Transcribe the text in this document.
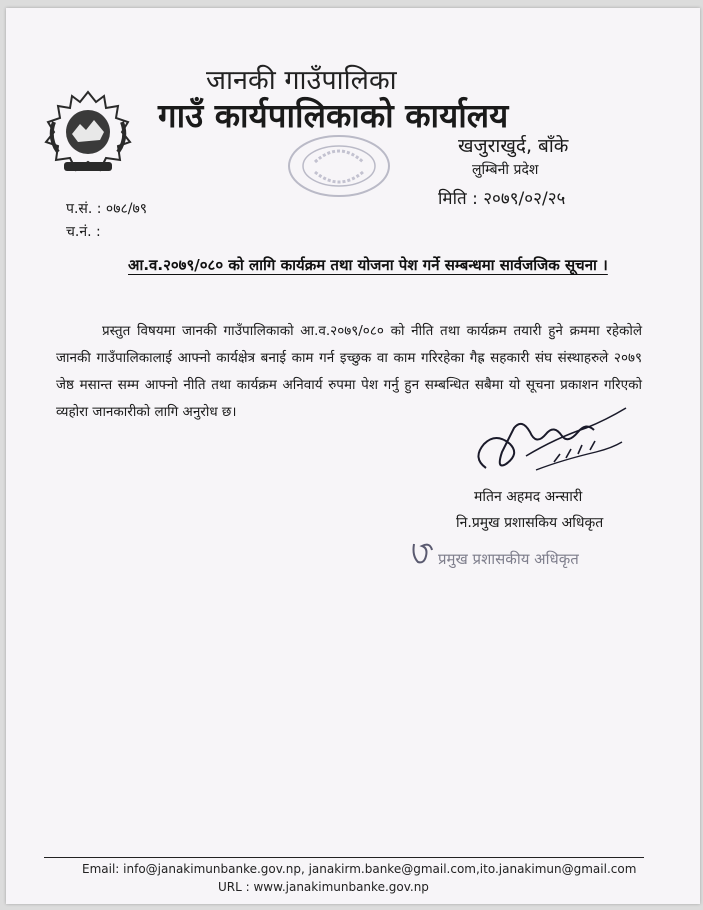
जानकी गाउँपालिका
गाउँ कार्यपालिकाको कार्यालय
खजुराखुर्द, बाँके
लुम्बिनी प्रदेश
मिति : २०७९/०२/२५
प.सं. : ०७८/७९
च.नं. :
आ.व.२०७९/०८० को लागि कार्यक्रम तथा योजना पेश गर्ने सम्बन्धमा सार्वजजिक सूचना ।
प्रस्तुत विषयमा जानकी गाउँपालिकाको आ.व.२०७९/०८० को नीति तथा कार्यक्रम तयारी हुने क्रममा रहेकोले जानकी गाउँपालिकालाई आफ्नो कार्यक्षेत्र बनाई काम गर्न इच्छुक वा काम गरिरहेका गैह्र सहकारी संघ संस्थाहरुले २०७९ जेष्ठ मसान्त सम्म आफ्नो नीति तथा कार्यक्रम अनिवार्य रुपमा पेश गर्नु हुन सम्बन्धित सबैमा यो सूचना प्रकाशन गरिएको व्यहोरा जानकारीको लागि अनुरोध छ।
मतिन अहमद अन्सारी
नि.प्रमुख प्रशासकिय अधिकृत
प्रमुख प्रशासकीय अधिकृत
Email: info@janakimunbanke.gov.np, janakirm.banke@gmail.com,ito.janakimun@gmail.com
URL : www.janakimunbanke.gov.np
